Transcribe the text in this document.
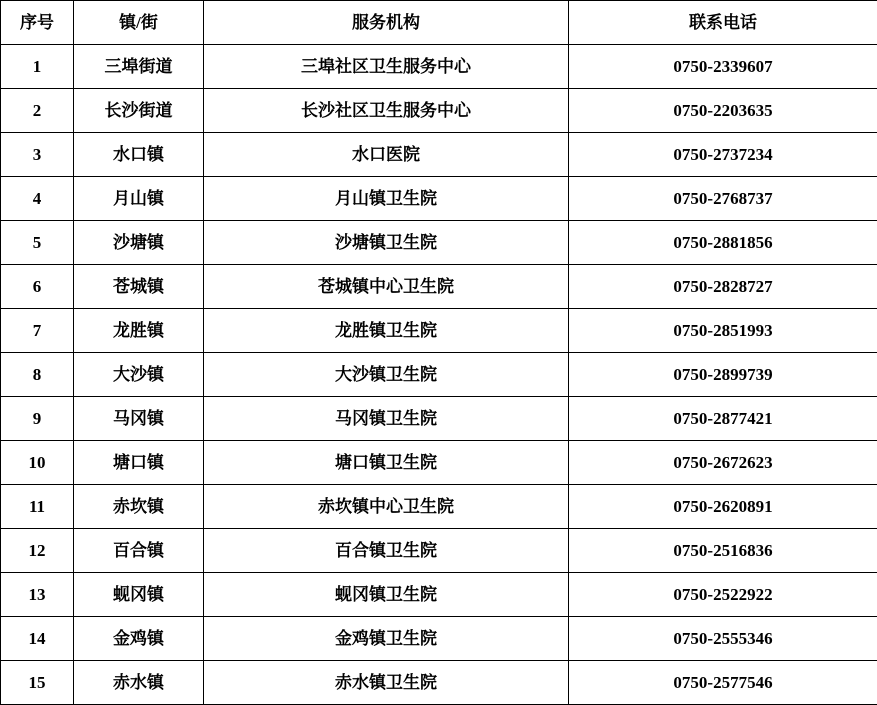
序号	镇/街	服务机构	联系电话
1	三埠街道	三埠社区卫生服务中心	0750-2339607
2	长沙街道	长沙社区卫生服务中心	0750-2203635
3	水口镇	水口医院	0750-2737234
4	月山镇	月山镇卫生院	0750-2768737
5	沙塘镇	沙塘镇卫生院	0750-2881856
6	苍城镇	苍城镇中心卫生院	0750-2828727
7	龙胜镇	龙胜镇卫生院	0750-2851993
8	大沙镇	大沙镇卫生院	0750-2899739
9	马冈镇	马冈镇卫生院	0750-2877421
10	塘口镇	塘口镇卫生院	0750-2672623
11	赤坎镇	赤坎镇中心卫生院	0750-2620891
12	百合镇	百合镇卫生院	0750-2516836
13	蚬冈镇	蚬冈镇卫生院	0750-2522922
14	金鸡镇	金鸡镇卫生院	0750-2555346
15	赤水镇	赤水镇卫生院	0750-2577546
